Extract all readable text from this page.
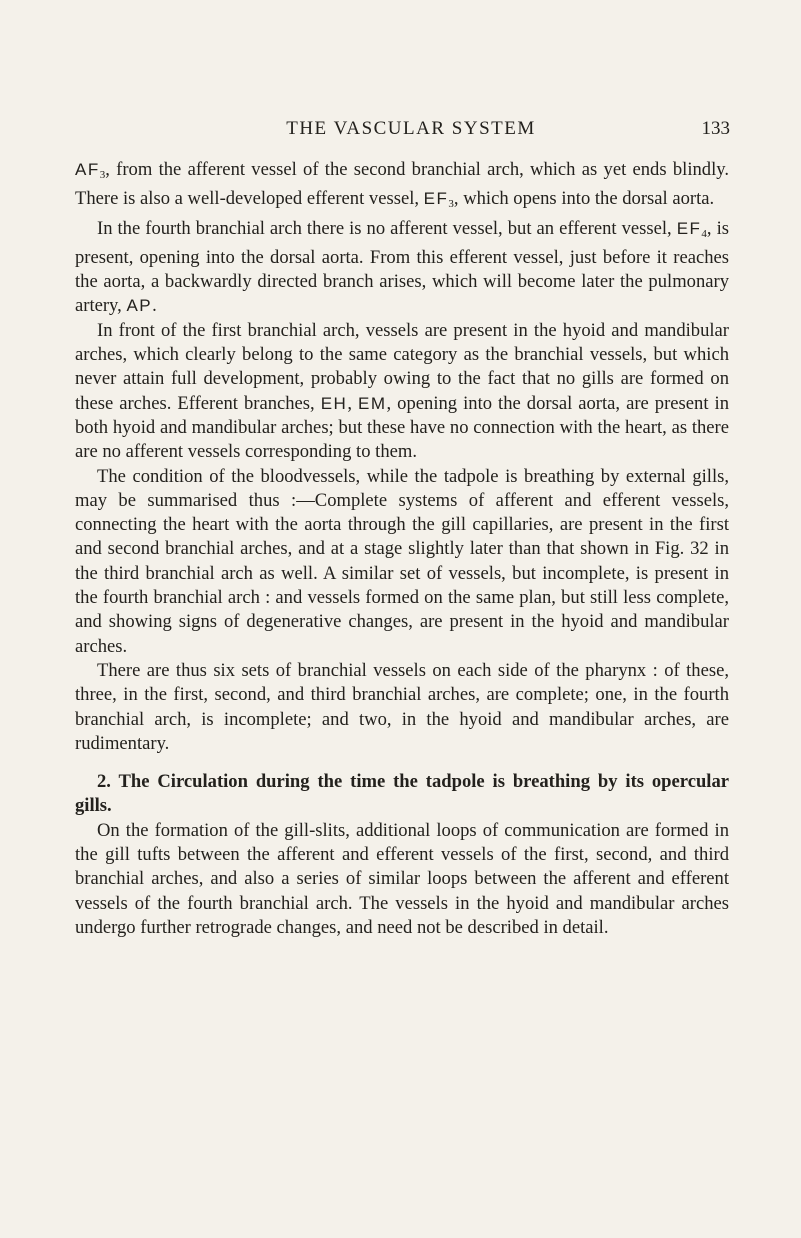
THE VASCULAR SYSTEM	133

$AF_3$, from the afferent vessel of the second branchial arch, which as yet ends blindly. There is also a well-developed efferent vessel, $EF_3$, which opens into the dorsal aorta.

In the fourth branchial arch there is no afferent vessel, but an efferent vessel, $EF_4$, is present, opening into the dorsal aorta. From this efferent vessel, just before it reaches the aorta, a backwardly directed branch arises, which will become later the pulmonary artery, AP.

In front of the first branchial arch, vessels are present in the hyoid and mandibular arches, which clearly belong to the same category as the branchial vessels, but which never attain full development, probably owing to the fact that no gills are formed on these arches. Efferent branches, EH, EM, opening into the dorsal aorta, are present in both hyoid and mandibular arches; but these have no connection with the heart, as there are no afferent vessels corresponding to them.

The condition of the bloodvessels, while the tadpole is breathing by external gills, may be summarised thus :—Complete systems of afferent and efferent vessels, connecting the heart with the aorta through the gill capillaries, are present in the first and second branchial arches, and at a stage slightly later than that shown in Fig. 32 in the third branchial arch as well. A similar set of vessels, but incomplete, is present in the fourth branchial arch : and vessels formed on the same plan, but still less complete, and showing signs of degenerative changes, are present in the hyoid and mandibular arches.

There are thus six sets of branchial vessels on each side of the pharynx : of these, three, in the first, second, and third branchial arches, are complete; one, in the fourth branchial arch, is incomplete; and two, in the hyoid and mandibular arches, are rudimentary.

2. The Circulation during the time the tadpole is breathing by its opercular gills.

On the formation of the gill-slits, additional loops of communication are formed in the gill tufts between the afferent and efferent vessels of the first, second, and third branchial arches, and also a series of similar loops between the afferent and efferent vessels of the fourth branchial arch. The vessels in the hyoid and mandibular arches undergo further retrograde changes, and need not be described in detail.
